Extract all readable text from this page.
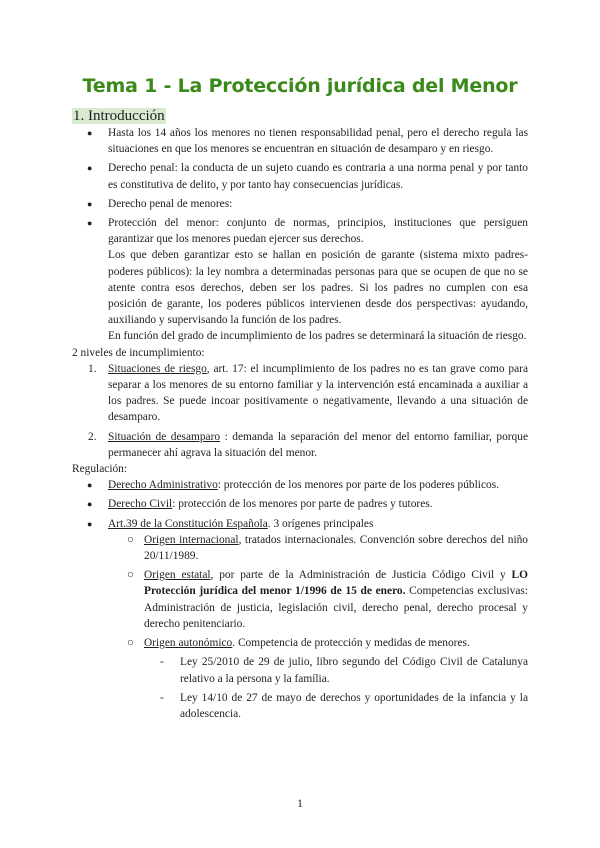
Tema 1 - La Protección jurídica del Menor
1. Introducción
● Hasta los 14 años los menores no tienen responsabilidad penal, pero el derecho regula las situaciones en que los menores se encuentran en situación de desamparo y en riesgo.
● Derecho penal: la conducta de un sujeto cuando es contraria a una norma penal y por tanto es constitutiva de delito, y por tanto hay consecuencias jurídicas.
● Derecho penal de menores:
● Protección del menor: conjunto de normas, principios, instituciones que persiguen garantizar que los menores puedan ejercer sus derechos.
Los que deben garantizar esto se hallan en posición de garante (sistema mixto padres-poderes públicos): la ley nombra a determinadas personas para que se ocupen de que no se atente contra esos derechos, deben ser los padres. Si los padres no cumplen con esa posición de garante, los poderes públicos intervienen desde dos perspectivas: ayudando, auxiliando y supervisando la función de los padres.
En función del grado de incumplimiento de los padres se determinará la situación de riesgo.
2 niveles de incumplimiento:
1. Situaciones de riesgo, art. 17: el incumplimiento de los padres no es tan grave como para separar a los menores de su entorno familiar y la intervención está encaminada a auxiliar a los padres. Se puede incoar positivamente o negativamente, llevando a una situación de desamparo.
2. Situación de desamparo : demanda la separación del menor del entorno familiar, porque permanecer ahí agrava la situación del menor.
Regulación:
● Derecho Administrativo: protección de los menores por parte de los poderes públicos.
● Derecho Civil: protección de los menores por parte de padres y tutores.
● Art.39 de la Constitución Española. 3 orígenes principales
○ Origen internacional, tratados internacionales. Convención sobre derechos del niño 20/11/1989.
○ Origen estatal, por parte de la Administración de Justicia Código Civil y LO Protección jurídica del menor 1/1996 de 15 de enero. Competencias exclusivas: Administración de justicia, legislación civil, derecho penal, derecho procesal y derecho penitenciario.
○ Origen autonómico. Competencia de protección y medidas de menores.
- Ley 25/2010 de 29 de julio, libro segundo del Código Civil de Catalunya relativo a la persona y la família.
- Ley 14/10 de 27 de mayo de derechos y oportunidades de la infancia y la adolescencia.
1
